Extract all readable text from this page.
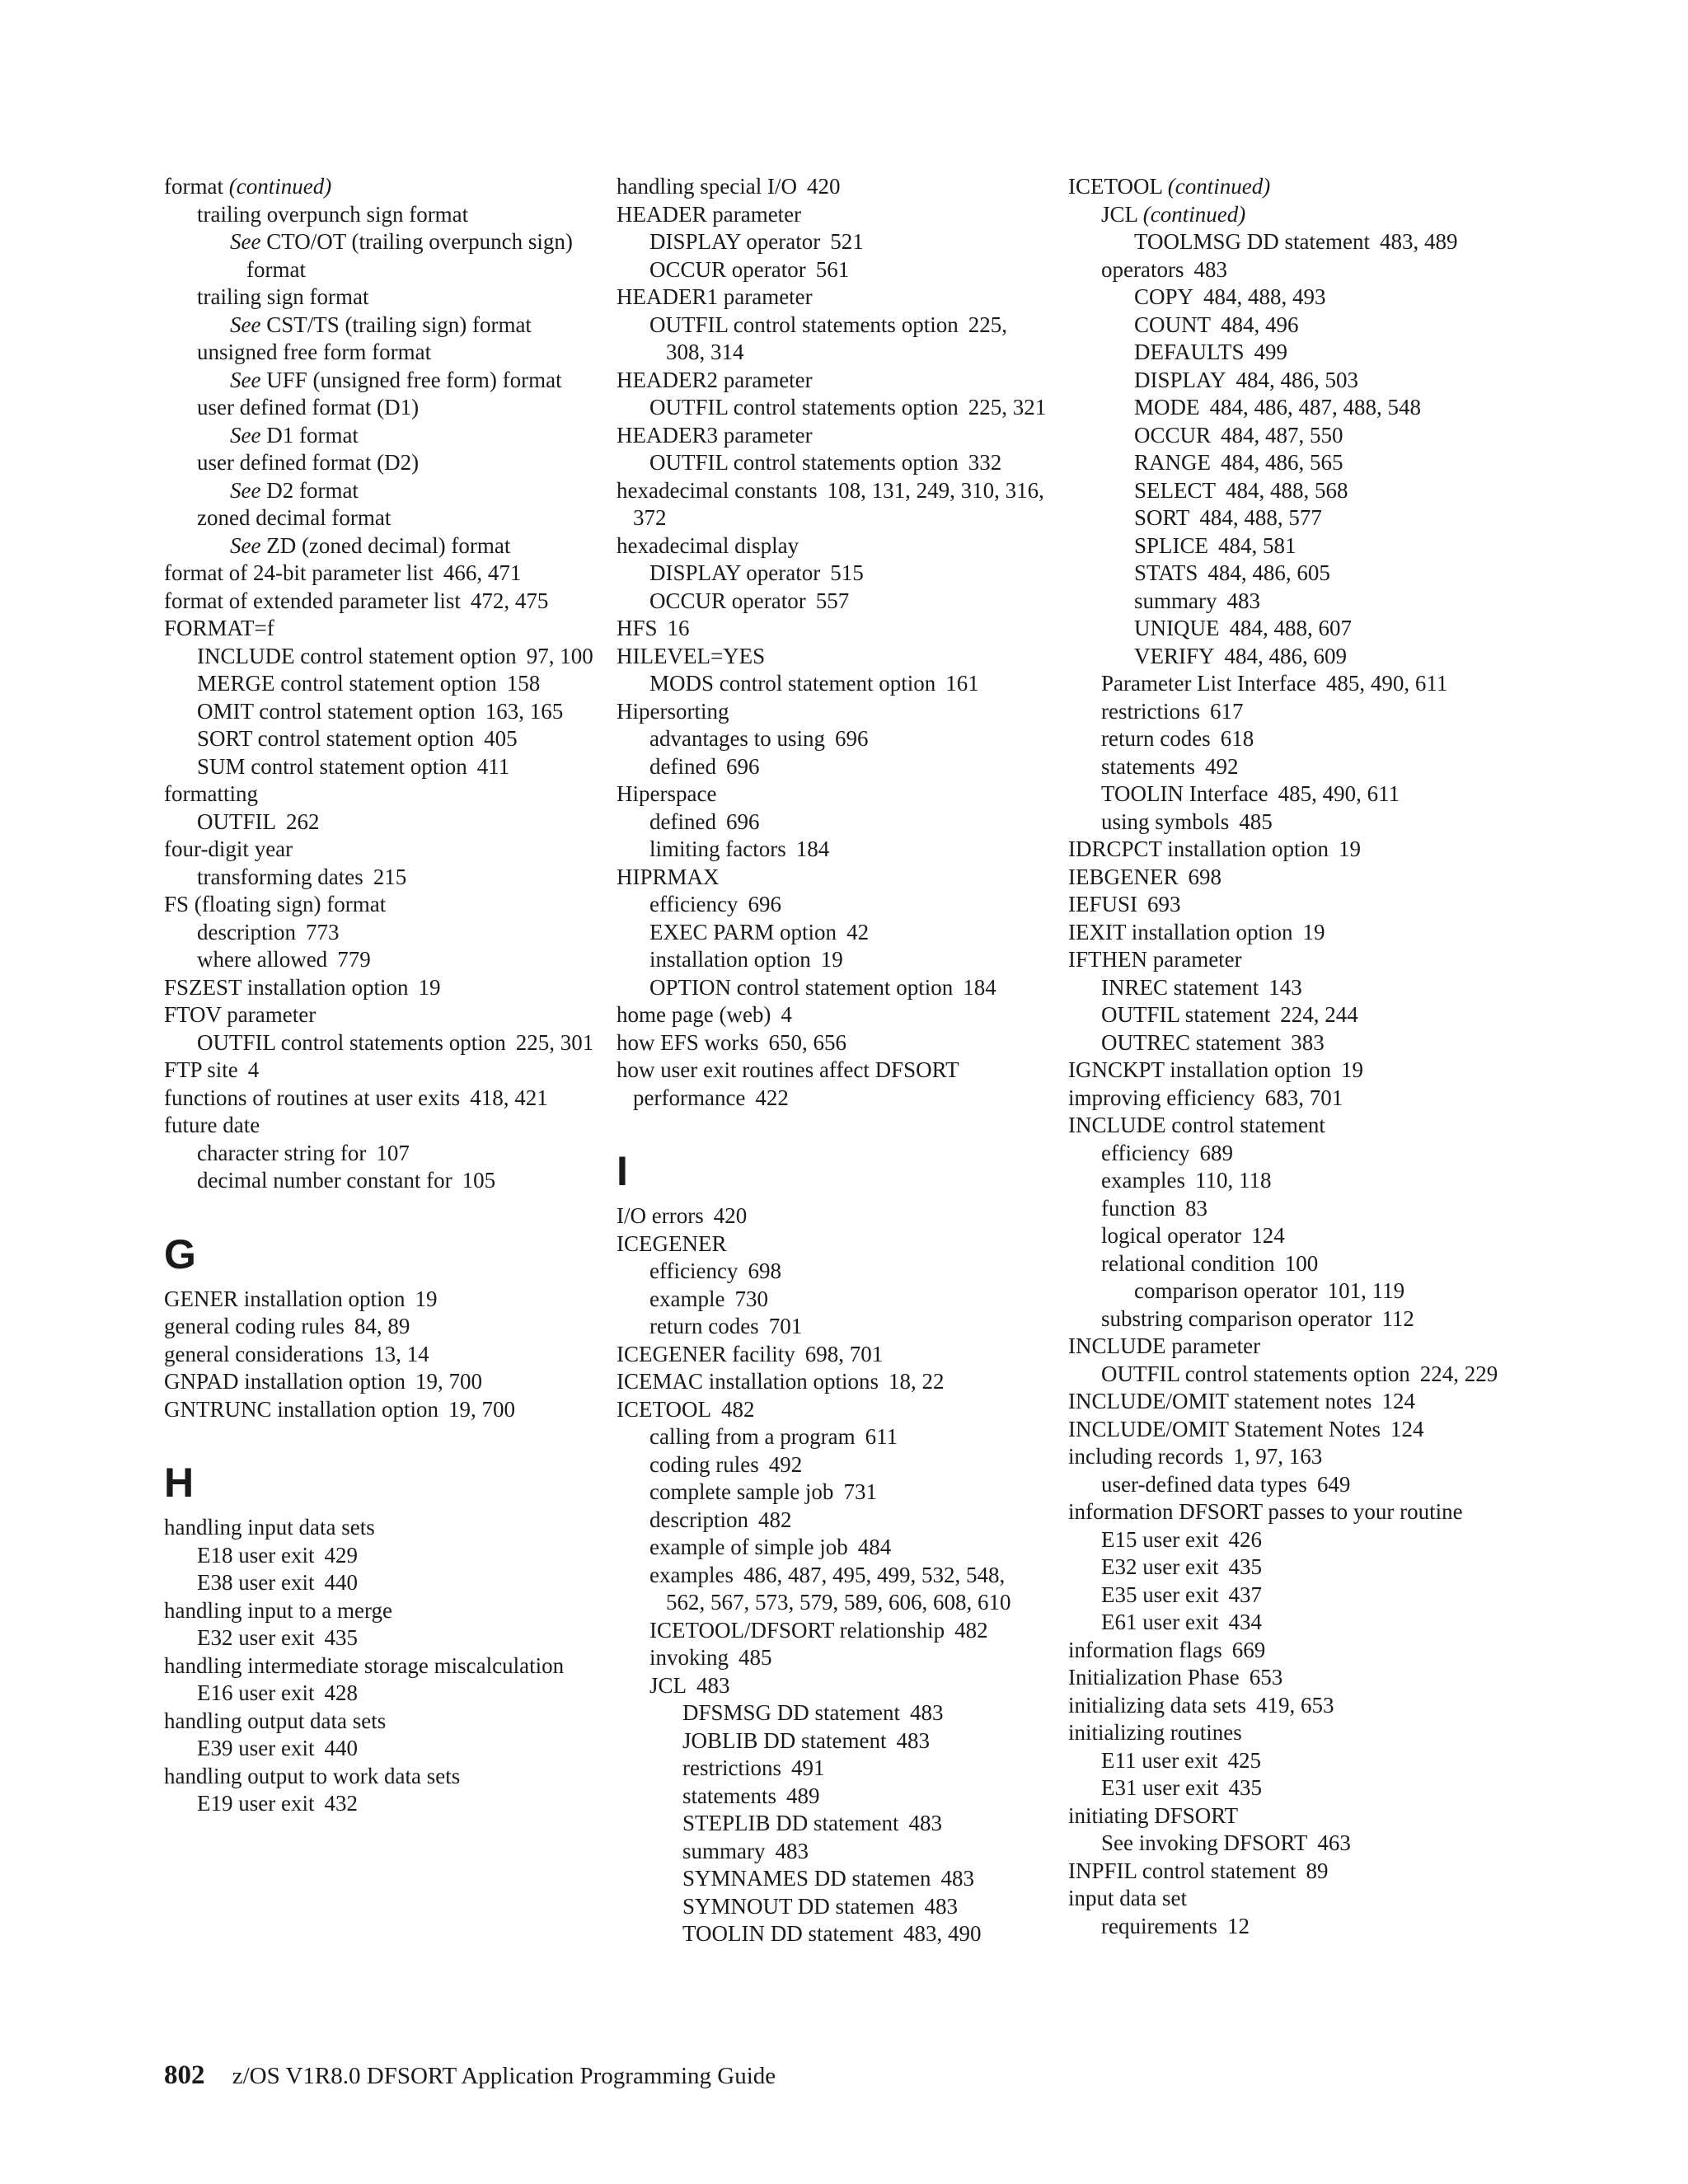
format (continued)
trailing overpunch sign format
See CTO/OT (trailing overpunch sign) format
trailing sign format
See CST/TS (trailing sign) format
unsigned free form format
See UFF (unsigned free form) format
user defined format (D1)
See D1 format
user defined format (D2)
See D2 format
zoned decimal format
See ZD (zoned decimal) format
format of 24-bit parameter list 466, 471
format of extended parameter list 472, 475
FORMAT=f
INCLUDE control statement option 97, 100
MERGE control statement option 158
OMIT control statement option 163, 165
SORT control statement option 405
SUM control statement option 411
formatting
OUTFIL 262
four-digit year
transforming dates 215
FS (floating sign) format
description 773
where allowed 779
FSZEST installation option 19
FTOV parameter
OUTFIL control statements option 225, 301
FTP site 4
functions of routines at user exits 418, 421
future date
character string for 107
decimal number constant for 105
G
GENER installation option 19
general coding rules 84, 89
general considerations 13, 14
GNPAD installation option 19, 700
GNTRUNC installation option 19, 700
H
handling input data sets
E18 user exit 429
E38 user exit 440
handling input to a merge
E32 user exit 435
handling intermediate storage miscalculation
E16 user exit 428
handling output data sets
E39 user exit 440
handling output to work data sets
E19 user exit 432
handling special I/O 420
HEADER parameter
DISPLAY operator 521
OCCUR operator 561
HEADER1 parameter
OUTFIL control statements option 225, 308, 314
HEADER2 parameter
OUTFIL control statements option 225, 321
HEADER3 parameter
OUTFIL control statements option 332
hexadecimal constants 108, 131, 249, 310, 316, 372
hexadecimal display
DISPLAY operator 515
OCCUR operator 557
HFS 16
HILEVEL=YES
MODS control statement option 161
Hipersorting
advantages to using 696
defined 696
Hiperspace
defined 696
limiting factors 184
HIPRMAX
efficiency 696
EXEC PARM option 42
installation option 19
OPTION control statement option 184
home page (web) 4
how EFS works 650, 656
how user exit routines affect DFSORT performance 422
I
I/O errors 420
ICEGENER
efficiency 698
example 730
return codes 701
ICEGENER facility 698, 701
ICEMAC installation options 18, 22
ICETOOL 482
calling from a program 611
coding rules 492
complete sample job 731
description 482
example of simple job 484
examples 486, 487, 495, 499, 532, 548, 562, 567, 573, 579, 589, 606, 608, 610
ICETOOL/DFSORT relationship 482
invoking 485
JCL 483
DFSMSG DD statement 483
JOBLIB DD statement 483
restrictions 491
statements 489
STEPLIB DD statement 483
summary 483
SYMNAMES DD statemen 483
SYMNOUT DD statemen 483
TOOLIN DD statement 483, 490
ICETOOL (continued)
JCL (continued)
TOOLMSG DD statement 483, 489
operators 483
COPY 484, 488, 493
COUNT 484, 496
DEFAULTS 499
DISPLAY 484, 486, 503
MODE 484, 486, 487, 488, 548
OCCUR 484, 487, 550
RANGE 484, 486, 565
SELECT 484, 488, 568
SORT 484, 488, 577
SPLICE 484, 581
STATS 484, 486, 605
summary 483
UNIQUE 484, 488, 607
VERIFY 484, 486, 609
Parameter List Interface 485, 490, 611
restrictions 617
return codes 618
statements 492
TOOLIN Interface 485, 490, 611
using symbols 485
IDRCPCT installation option 19
IEBGENER 698
IEFUSI 693
IEXIT installation option 19
IFTHEN parameter
INREC statement 143
OUTFIL statement 224, 244
OUTREC statement 383
IGNCKPT installation option 19
improving efficiency 683, 701
INCLUDE control statement
efficiency 689
examples 110, 118
function 83
logical operator 124
relational condition 100
comparison operator 101, 119
substring comparison operator 112
INCLUDE parameter
OUTFIL control statements option 224, 229
INCLUDE/OMIT statement notes 124
INCLUDE/OMIT Statement Notes 124
including records 1, 97, 163
user-defined data types 649
information DFSORT passes to your routine
E15 user exit 426
E32 user exit 435
E35 user exit 437
E61 user exit 434
information flags 669
Initialization Phase 653
initializing data sets 419, 653
initializing routines
E11 user exit 425
E31 user exit 435
initiating DFSORT
See invoking DFSORT 463
INPFIL control statement 89
input data set
requirements 12
802 z/OS V1R8.0 DFSORT Application Programming Guide
